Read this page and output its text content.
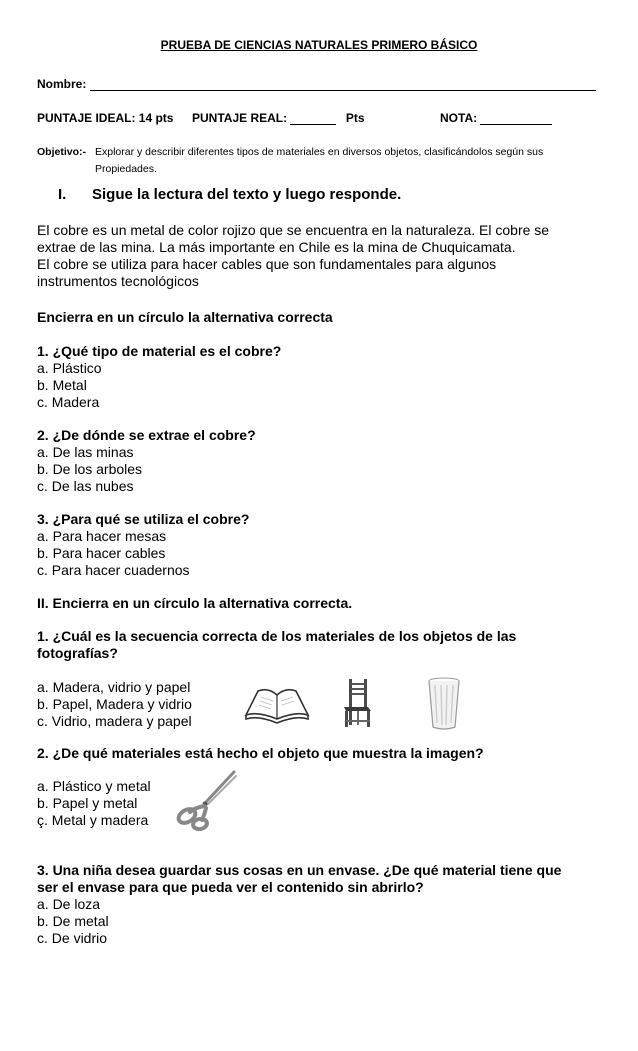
PRUEBA DE CIENCIAS NATURALES PRIMERO BÁSICO
Nombre:
PUNTAJE IDEAL: 14 pts PUNTAJE REAL:	Pts	NOTA:
Objetivo:- Explorar y describir diferentes tipos de materiales en diversos objetos, clasificándolos según sus
Propiedades.
I. Sigue la lectura del texto y luego responde.
El cobre es un metal de color rojizo que se encuentra en la naturaleza. El cobre se
extrae de las mina. La más importante en Chile es la mina de Chuquicamata.
El cobre se utiliza para hacer cables que son fundamentales para algunos
instrumentos tecnológicos
Encierra en un círculo la alternativa correcta
1. ¿Qué tipo de material es el cobre?
a. Plástico
b. Metal
c. Madera
2. ¿De dónde se extrae el cobre?
a. De las minas
b. De los arboles
c. De las nubes
3. ¿Para qué se utiliza el cobre?
a. Para hacer mesas
b. Para hacer cables
c. Para hacer cuadernos
II. Encierra en un círculo la alternativa correcta.
1. ¿Cuál es la secuencia correcta de los materiales de los objetos de las
fotografías?
a. Madera, vidrio y papel
b. Papel, Madera y vidrio
c. Vidrio, madera y papel
2. ¿De qué materiales está hecho el objeto que muestra la imagen?
a. Plástico y metal
b. Papel y metal
ç. Metal y madera
3. Una niña desea guardar sus cosas en un envase. ¿De qué material tiene que
ser el envase para que pueda ver el contenido sin abrirlo?
a. De loza
b. De metal
c. De vidrio
